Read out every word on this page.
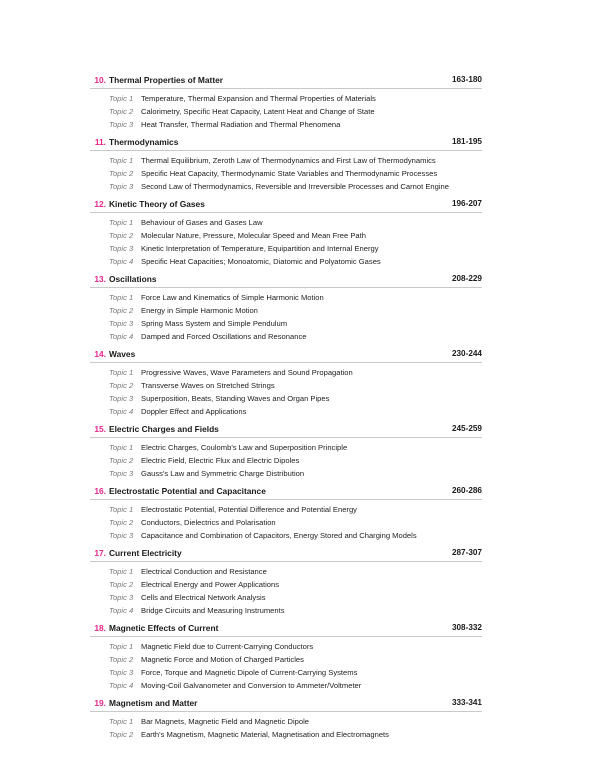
10. Thermal Properties of Matter	163-180
Topic 1 Temperature, Thermal Expansion and Thermal Properties of Materials
Topic 2 Calorimetry, Specific Heat Capacity, Latent Heat and Change of State
Topic 3 Heat Transfer, Thermal Radiation and Thermal Phenomena
11. Thermodynamics	181-195
Topic 1 Thermal Equilibrium, Zeroth Law of Thermodynamics and First Law of Thermodynamics
Topic 2 Specific Heat Capacity, Thermodynamic State Variables and Thermodynamic Processes
Topic 3 Second Law of Thermodynamics, Reversible and Irreversible Processes and Carnot Engine
12. Kinetic Theory of Gases	196-207
Topic 1 Behaviour of Gases and Gases Law
Topic 2 Molecular Nature, Pressure, Molecular Speed and Mean Free Path
Topic 3 Kinetic Interpretation of Temperature, Equipartition and Internal Energy
Topic 4 Specific Heat Capacities; Monoatomic, Diatomic and Polyatomic Gases
13. Oscillations	208-229
Topic 1 Force Law and Kinematics of Simple Harmonic Motion
Topic 2 Energy in Simple Harmonic Motion
Topic 3 Spring Mass System and Simple Pendulum
Topic 4 Damped and Forced Oscillations and Resonance
14. Waves	230-244
Topic 1 Progressive Waves, Wave Parameters and Sound Propagation
Topic 2 Transverse Waves on Stretched Strings
Topic 3 Superposition, Beats, Standing Waves and Organ Pipes
Topic 4 Doppler Effect and Applications
15. Electric Charges and Fields	245-259
Topic 1 Electric Charges, Coulomb's Law and Superposition Principle
Topic 2 Electric Field, Electric Flux and Electric Dipoles
Topic 3 Gauss's Law and Symmetric Charge Distribution
16. Electrostatic Potential and Capacitance	260-286
Topic 1 Electrostatic Potential, Potential Difference and Potential Energy
Topic 2 Conductors, Dielectrics and Polarisation
Topic 3 Capacitance and Combination of Capacitors, Energy Stored and Charging Models
17. Current Electricity	287-307
Topic 1 Electrical Conduction and Resistance
Topic 2 Electrical Energy and Power Applications
Topic 3 Cells and Electrical Network Analysis
Topic 4 Bridge Circuits and Measuring Instruments
18. Magnetic Effects of Current	308-332
Topic 1 Magnetic Field due to Current-Carrying Conductors
Topic 2 Magnetic Force and Motion of Charged Particles
Topic 3 Force, Torque and Magnetic Dipole of Current-Carrying Systems
Topic 4 Moving-Coil Galvanometer and Conversion to Ammeter/Voltmeter
19. Magnetism and Matter	333-341
Topic 1 Bar Magnets, Magnetic Field and Magnetic Dipole
Topic 2 Earth's Magnetism, Magnetic Material, Magnetisation and Electromagnets
